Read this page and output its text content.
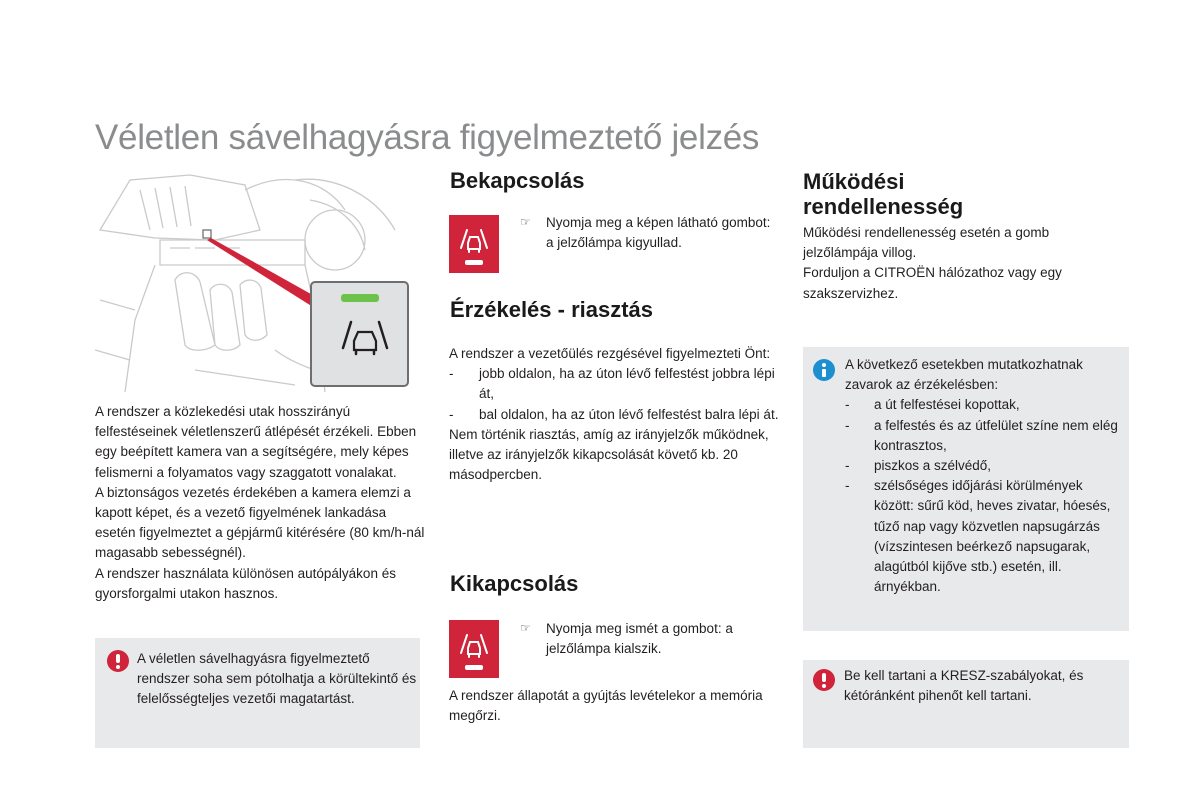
Véletlen sávelhagyásra figyelmeztető jelzés

A rendszer a közlekedési utak hosszirányú felfestéseinek véletlenszerű átlépését érzékeli. Ebben egy beépített kamera van a segítségére, mely képes felismerni a folyamatos vagy szaggatott vonalakat.

A biztonságos vezetés érdekében a kamera elemzi a kapott képet, és a vezető figyelmének lankadása esetén figyelmeztet a gépjármű kitérésére (80 km/h-nál magasabb sebességnél).

A rendszer használata különösen autópályákon és gyorsforgalmi utakon hasznos.

A véletlen sávelhagyásra figyelmeztető rendszer soha sem pótolhatja a körültekintő és felelősségteljes vezetői magatartást.

Bekapcsolás
☞ Nyomja meg a képen látható gombot: a jelzőlámpa kigyullad.

Érzékelés - riasztás

A rendszer a vezetőülés rezgésével figyelmezteti Önt:

- jobb oldalon, ha az úton lévő felfestést jobbra lépi át,
- bal oldalon, ha az úton lévő felfestést balra lépi át.

Nem történik riasztás, amíg az irányjelzők működnek, illetve az irányjelzők kikapcsolását követő kb. 20 másodpercben.

Kikapcsolás
☞ Nyomja meg ismét a gombot: a jelzőlámpa kialszik.

A rendszer állapotát a gyújtás levételekor a memória megőrzi.

Működési
rendellenesség

Működési rendellenesség esetén a gomb jelzőlámpája villog.

Forduljon a CITROËN hálózathoz vagy egy szakszervizhez.

A következő esetekben mutatkozhatnak zavarok az érzékelésben:

- a út felfestései kopottak,
- a felfestés és az útfelület színe nem elég kontrasztos,
- piszkos a szélvédő,
- szélsőséges időjárási körülmények között: sűrű köd, heves zivatar, hóesés, tűző nap vagy közvetlen napsugárzás (vízszintesen beérkező napsugarak, alagútból kijőve stb.) esetén, ill. árnyékban.

Be kell tartani a KRESZ-szabályokat, és kétóránként pihenőt kell tartani.
